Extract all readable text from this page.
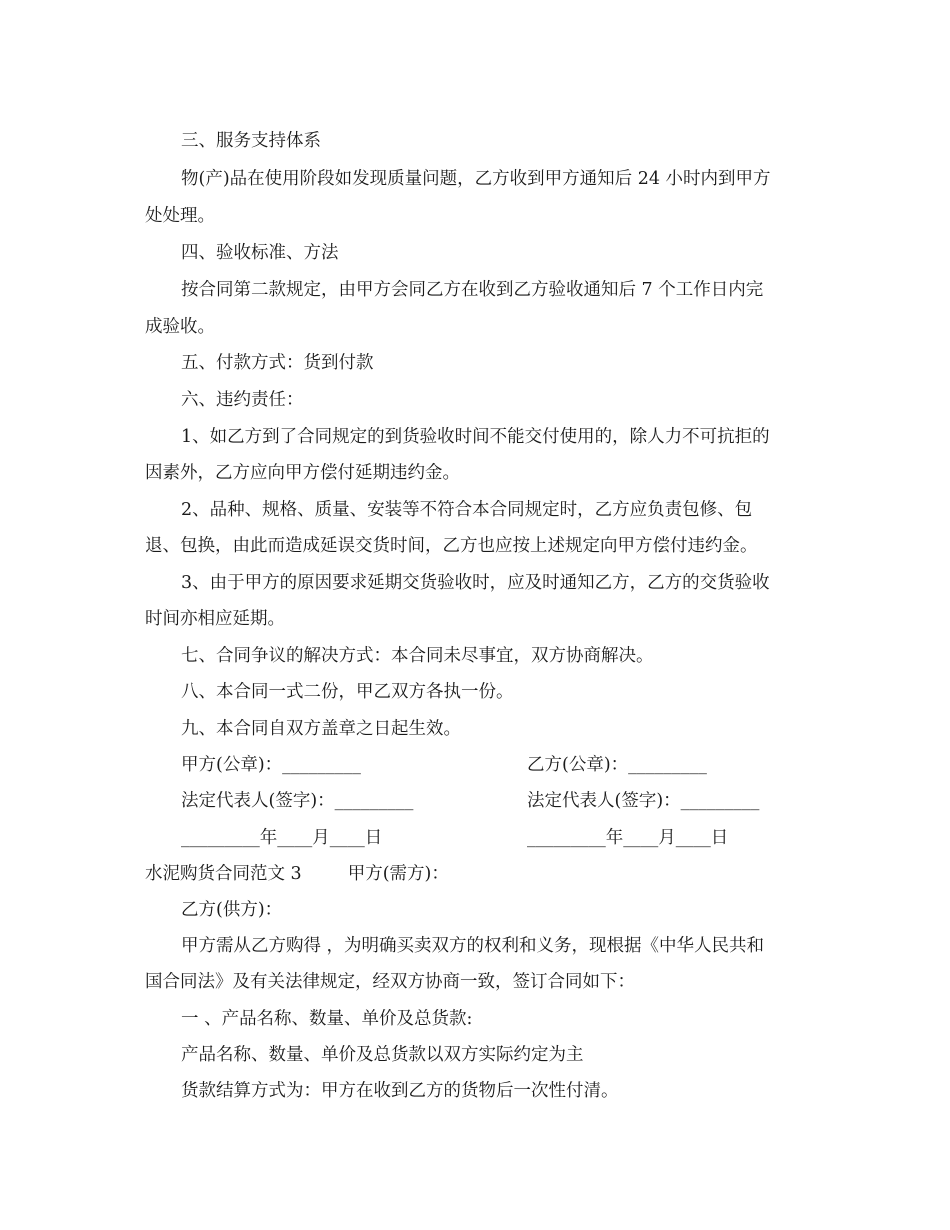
三、服务支持体系
物(产)品在使用阶段如发现质量问题，乙方收到甲方通知后 24 小时内到甲方
处处理。
四、验收标准、方法
按合同第二款规定，由甲方会同乙方在收到乙方验收通知后 7 个工作日内完
成验收。
五、付款方式：货到付款
六、违约责任：
1、如乙方到了合同规定的到货验收时间不能交付使用的，除人力不可抗拒的
因素外，乙方应向甲方偿付延期违约金。
2、品种、规格、质量、安装等不符合本合同规定时，乙方应负责包修、包
退、包换，由此而造成延误交货时间，乙方也应按上述规定向甲方偿付违约金。
3、由于甲方的原因要求延期交货验收时，应及时通知乙方，乙方的交货验收
时间亦相应延期。
七、合同争议的解决方式：本合同未尽事宜，双方协商解决。
八、本合同一式二份，甲乙双方各执一份。
九、本合同自双方盖章之日起生效。
甲方(公章)：_________	乙方(公章)：_________
法定代表人(签字)：_________	法定代表人(签字)：_________
_________年____月____日	_________年____月____日
水泥购货合同范文 3	甲方(需方)：
乙方(供方)：
甲方需从乙方购得 ，为明确买卖双方的权利和义务，现根据《中华人民共和
国合同法》及有关法律规定，经双方协商一致，签订合同如下：
一 、产品名称、数量、单价及总货款:
产品名称、数量、单价及总货款以双方实际约定为主
货款结算方式为：甲方在收到乙方的货物后一次性付清。
